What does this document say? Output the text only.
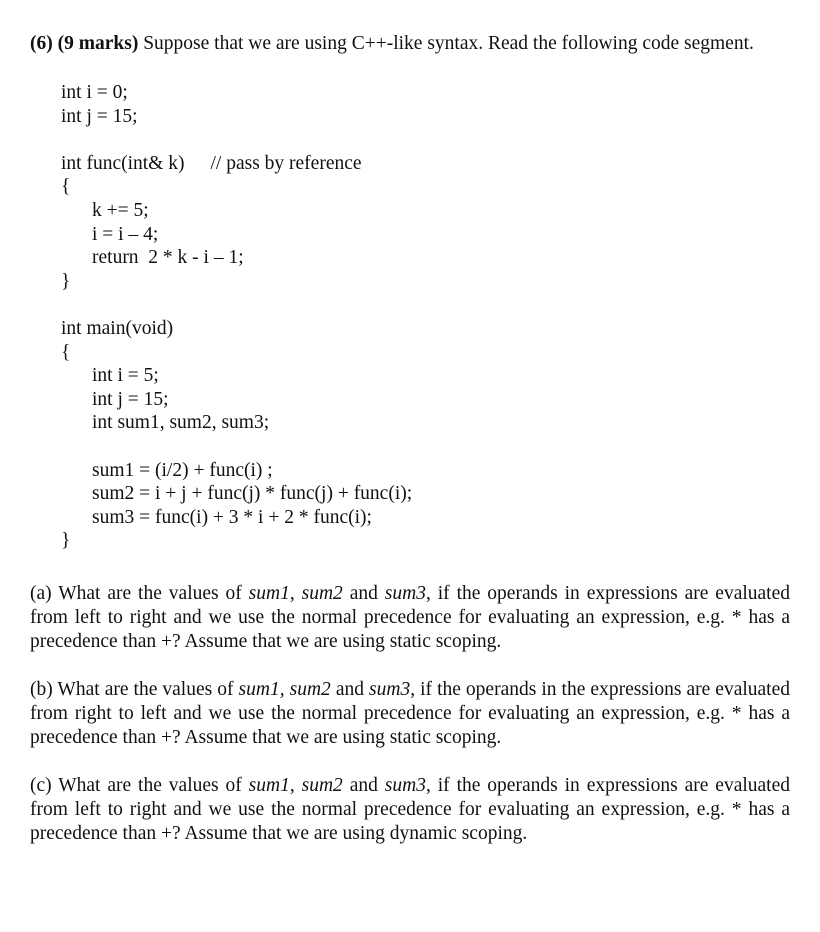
(6) (9 marks) Suppose that we are using C++-like syntax. Read the following code segment.

int i = 0;
int j = 15;
int func(int& k) // pass by reference
{
k += 5;
i = i – 4;
return  2 * k - i – 1;
}
int main(void)
{
int i = 5;
int j = 15;
int sum1, sum2, sum3;
sum1 = (i/2) + func(i) ;
sum2 = i + j + func(j) * func(j) + func(i);
sum3 = func(i) + 3 * i + 2 * func(i);
}

(a) What are the values of sum1, sum2 and sum3, if the operands in expressions are evaluated from left to right and we use the normal precedence for evaluating an expression, e.g. * has a precedence than +? Assume that we are using static scoping.

(b) What are the values of sum1, sum2 and sum3, if the operands in the expressions are evaluated from right to left and we use the normal precedence for evaluating an expression, e.g. * has a precedence than +? Assume that we are using static scoping.

(c) What are the values of sum1, sum2 and sum3, if the operands in expressions are evaluated from left to right and we use the normal precedence for evaluating an expression, e.g. * has a precedence than +? Assume that we are using dynamic scoping.
